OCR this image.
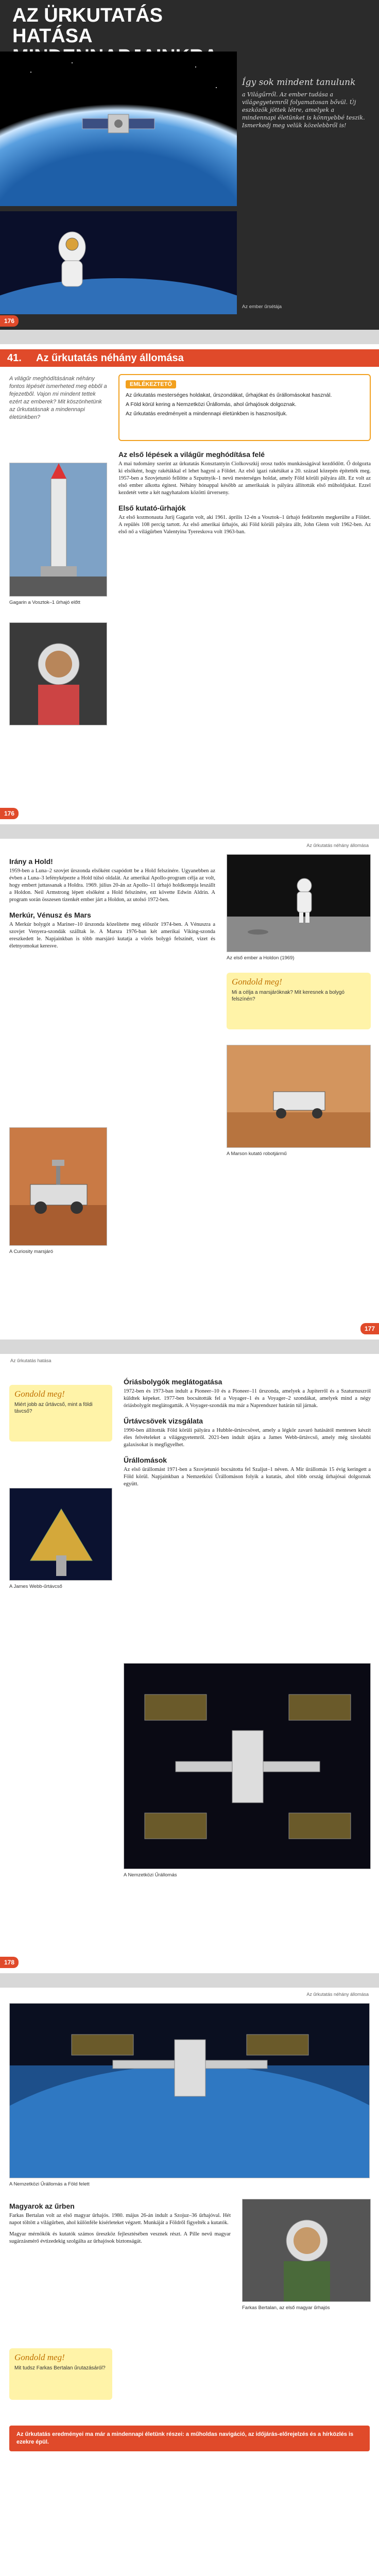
AZ ÜRKUTATÁS
HATÁSA
Így sok mindent tanulunk
a Világűrről. Az ember tudása a világegyetemről folyamatosan bővül. Új eszközök jöttek létre, amelyek a mindennapi életünket is könnyebbé teszik. Ismerkedj meg velük közelebbről is!
Az ember űrsétája
176
41. Az űrkutatás néhány állomása
A világűr meghódításának néhány fontos lépését ismerheted meg ebből a fejezetből. Vajon mi mindent tettek ezért az emberek? Mit köszönhetünk az űrkutatásnak a mindennapi életünkben?
EMLÉKEZTETŐ
Az űrkutatás mesterséges holdakat, űrszondákat, űrhajókat és űrállomásokat használ.
A Föld körül kering a Nemzetközi Űrállomás, ahol űrhajósok dolgoznak.
Az űrkutatás eredményeit a mindennapi életünkben is hasznosítjuk.
Gagarin a Vosztok–1 űrhajó előtt
Az első lépések a világűr meghódítása felé
A mai tudomány szerint az űrkutatás Konsztantyin Ciolkovszkij orosz tudós munkásságával kezdődött. Ő dolgozta ki elsőként, hogy rakétákkal el lehet hagyni a Földet. Az első igazi rakétákat a 20. század közepén építették meg. 1957-ben a Szovjetunió fellőtte a Szputnyik–1 nevű mesterséges holdat, amely Föld körüli pályára állt. Ez volt az első ember alkotta égitest. Néhány hónappal később az amerikaiak is pályára állították első műholdjukat. Ezzel kezdetét vette a két nagyhatalom közötti űrverseny.
Első kutató-űrhajók
Az első kozmonauta Jurij Gagarin volt, aki 1961. április 12-én a Vosztok–1 űrhajó fedélzetén megkerülte a Földet. A repülés 108 percig tartott. Az első amerikai űrhajós, aki Föld körüli pályára állt, John Glenn volt 1962-ben. Az első nő a világűrben Valentyina Tyereskova volt 1963-ban.
176
Az űrkutatás néhány állomása
Irány a Hold!
1959-ben a Luna–2 szovjet űrszonda elsőként csapódott be a Hold felszínére. Ugyanebben az évben a Luna–3 lefényképezte a Hold túlsó oldalát. Az amerikai Apollo-program célja az volt, hogy embert juttassanak a Holdra. 1969. július 20-án az Apollo–11 űrhajó holdkompja leszállt a Holdon. Neil Armstrong lépett elsőként a Hold felszínére, ezt követte Edwin Aldrin. A program során összesen tizenkét ember járt a Holdon, az utolsó 1972-ben.
Merkúr, Vénusz és Mars
A Merkúr bolygót a Mariner–10 űrszonda közelítette meg először 1974-ben. A Vénuszra a szovjet Venyera-szondák szálltak le. A Marsra 1976-ban két amerikai Viking-szonda ereszkedett le. Napjainkban is több marsjáró kutatja a vörös bolygó felszínét, vizet és életnyomokat keresve.
Az első ember a Holdon (1969)
Gondold meg!
Mi a célja a marsjáróknak? Mit keresnek a bolygó felszínén?
A Curiosity marsjáró
A Marson kutató robotjármű
177
Az űrkutatás hatása
Gondold meg!
Miért jobb az űrtávcső, mint a földi távcső?
Óriásbolygók meglátogatása
1972-ben és 1973-ban indult a Pioneer–10 és a Pioneer–11 űrszonda, amelyek a Jupiterről és a Szaturnuszról küldtek képeket. 1977-ben bocsátották fel a Voyager–1 és a Voyager–2 szondákat, amelyek mind a négy óriásbolygót meglátogatták. A Voyager-szondák ma már a Naprendszer határán túl járnak.
Űrtávcsövek vizsgálata
1990-ben állították Föld körüli pályára a Hubble-űrtávcsövet, amely a légkör zavaró hatásától mentesen készít éles felvételeket a világegyetemről. 2021-ben indult útjára a James Webb-űrtávcső, amely még távolabbi galaxisokat is megfigyelhet.
Űrállomások
Az első űrállomást 1971-ben a Szovjetunió bocsátotta fel Szaljut–1 néven. A Mir űrállomás 15 évig keringett a Föld körül. Napjainkban a Nemzetközi Űrállomáson folyik a kutatás, ahol több ország űrhajósai dolgoznak együtt.
A James Webb-űrtávcső
A Nemzetközi Űrállomás
178
Az űrkutatás néhány állomása
A Nemzetközi Űrállomás a Föld felett
Magyarok az űrben
Farkas Bertalan volt az első magyar űrhajós. 1980. május 26-án indult a Szojuz–36 űrhajóval. Hét napot töltött a világűrben, ahol különféle kísérleteket végzett. Munkáját a Földről figyelték a kutatók.
Magyar mérnökök és kutatók számos űreszköz fejlesztésében vesznek részt. A Pille nevű magyar sugárzásmérő évtizedekig szolgálta az űrhajósok biztonságát.
Farkas Bertalan, az első magyar űrhajós
Gondold meg!
Mit tudsz Farkas Bertalan űrutazásáról?
Az űrkutatás eredményei ma már a mindennapi életünk részei: a műholdas navigáció, az időjárás-előrejelzés és a hírközlés is ezekre épül.
